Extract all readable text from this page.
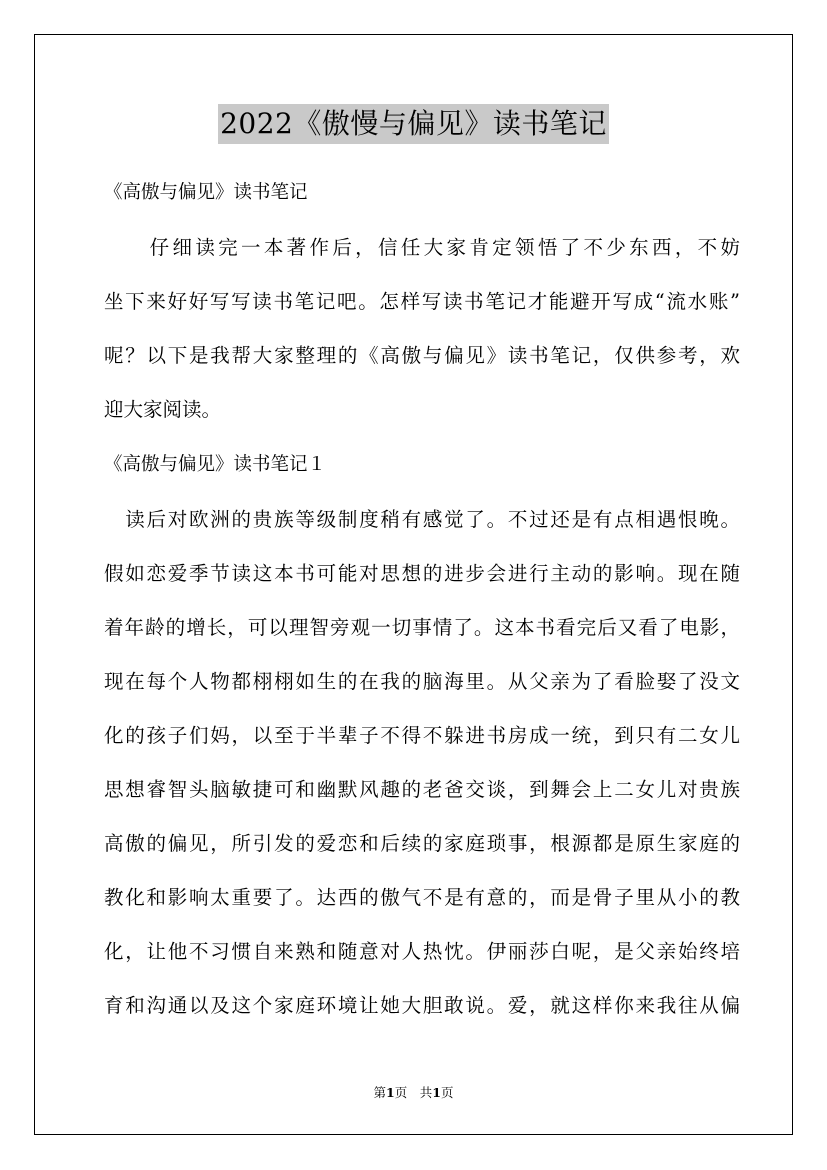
2022《傲慢与偏见》读书笔记

《高傲与偏见》读书笔记

　　仔细读完一本著作后，信任大家肯定领悟了不少东西，不妨

坐下来好好写写读书笔记吧。怎样写读书笔记才能避开写成“流水账”

呢？以下是我帮大家整理的《高傲与偏见》读书笔记，仅供参考，欢

迎大家阅读。

《高傲与偏见》读书笔记１

　读后对欧洲的贵族等级制度稍有感觉了。不过还是有点相遇恨晚。

假如恋爱季节读这本书可能对思想的进步会进行主动的影响。现在随

着年龄的增长，可以理智旁观一切事情了。这本书看完后又看了电影，

现在每个人物都栩栩如生的在我的脑海里。从父亲为了看脸娶了没文

化的孩子们妈，以至于半辈子不得不躲进书房成一统，到只有二女儿

思想睿智头脑敏捷可和幽默风趣的老爸交谈，到舞会上二女儿对贵族

高傲的偏见，所引发的爱恋和后续的家庭琐事，根源都是原生家庭的

教化和影响太重要了。达西的傲气不是有意的，而是骨子里从小的教

化，让他不习惯自来熟和随意对人热忱。伊丽莎白呢，是父亲始终培

育和沟通以及这个家庭环境让她大胆敢说。爱，就这样你来我往从偏

第1页　共1页
